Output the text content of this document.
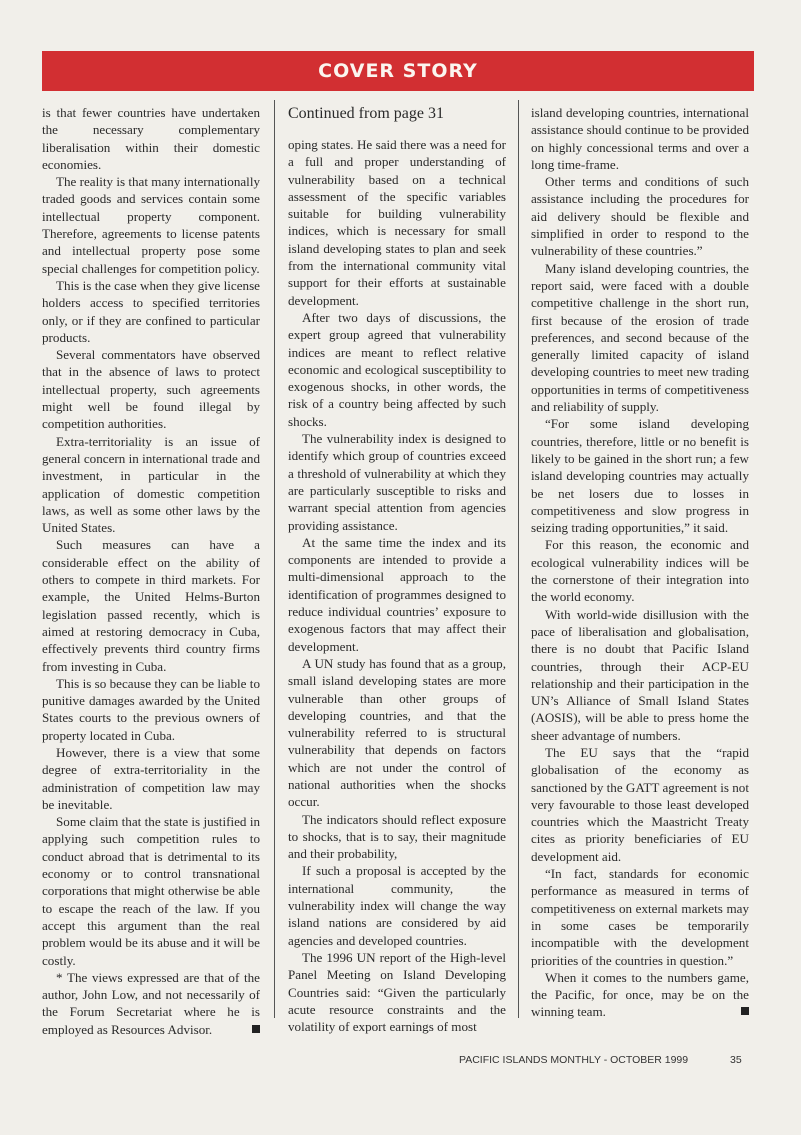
COVER STORY

is that fewer countries have undertaken the necessary complementary liberalisation within their domestic economies.

The reality is that many internationally traded goods and services contain some intellectual property component. Therefore, agreements to license patents and intellectual property pose some special challenges for competition policy.

This is the case when they give license holders access to specified territories only, or if they are confined to particular products.

Several commentators have observed that in the absence of laws to protect intellectual property, such agreements might well be found illegal by competition authorities.

Extra-territoriality is an issue of general concern in international trade and investment, in particular in the application of domestic competition laws, as well as some other laws by the United States.

Such measures can have a considerable effect on the ability of others to compete in third markets. For example, the United Helms-Burton legislation passed recently, which is aimed at restoring democracy in Cuba, effectively prevents third country firms from investing in Cuba.

This is so because they can be liable to punitive damages awarded by the United States courts to the previous owners of property located in Cuba.

However, there is a view that some degree of extra-territoriality in the administration of competition law may be inevitable.

Some claim that the state is justified in applying such competition rules to conduct abroad that is detrimental to its economy or to control transnational corporations that might otherwise be able to escape the reach of the law. If you accept this argument than the real problem would be its abuse and it will be costly.

* The views expressed are that of the author, John Low, and not necessarily of the Forum Secretariat where he is employed as Resources Advisor.

Continued from page 31

oping states. He said there was a need for a full and proper understanding of vulnerability based on a technical assessment of the specific variables suitable for building vulnerability indices, which is necessary for small island developing states to plan and seek from the international community vital support for their efforts at sustainable development.

After two days of discussions, the expert group agreed that vulnerability indices are meant to reflect relative economic and ecological susceptibility to exogenous shocks, in other words, the risk of a country being affected by such shocks.

The vulnerability index is designed to identify which group of countries exceed a threshold of vulnerability at which they are particularly susceptible to risks and warrant special attention from agencies providing assistance.

At the same time the index and its components are intended to provide a multi-dimensional approach to the identification of programmes designed to reduce individual countries’ exposure to exogenous factors that may affect their development.

A UN study has found that as a group, small island developing states are more vulnerable than other groups of developing countries, and that the vulnerability referred to is structural vulnerability that depends on factors which are not under the control of national authorities when the shocks occur.

The indicators should reflect exposure to shocks, that is to say, their magnitude and their probability,

If such a proposal is accepted by the international community, the vulnerability index will change the way island nations are considered by aid agencies and developed countries.

The 1996 UN report of the High-level Panel Meeting on Island Developing Countries said: “Given the particularly acute resource constraints and the volatility of export earnings of most

island developing countries, international assistance should continue to be provided on highly concessional terms and over a long time-frame.

Other terms and conditions of such assistance including the procedures for aid delivery should be flexible and simplified in order to respond to the vulnerability of these countries.”

Many island developing countries, the report said, were faced with a double competitive challenge in the short run, first because of the erosion of trade preferences, and second because of the generally limited capacity of island developing countries to meet new trading opportunities in terms of competitiveness and reliability of supply.

“For some island developing countries, therefore, little or no benefit is likely to be gained in the short run; a few island developing countries may actually be net losers due to losses in competitiveness and slow progress in seizing trading opportunities,” it said.

For this reason, the economic and ecological vulnerability indices will be the cornerstone of their integration into the world economy.

With world-wide disillusion with the pace of liberalisation and globalisation, there is no doubt that Pacific Island countries, through their ACP-EU relationship and their participation in the UN’s Alliance of Small Island States (AOSIS), will be able to press home the sheer advantage of numbers.

The EU says that the “rapid globalisation of the economy as sanctioned by the GATT agreement is not very favourable to those least developed countries which the Maastricht Treaty cites as priority beneficiaries of EU development aid.

“In fact, standards for economic performance as measured in terms of competitiveness on external markets may in some cases be temporarily incompatible with the development priorities of the countries in question.”

When it comes to the numbers game, the Pacific, for once, may be on the winning team.

PACIFIC ISLANDS MONTHLY - OCTOBER 1999	35
